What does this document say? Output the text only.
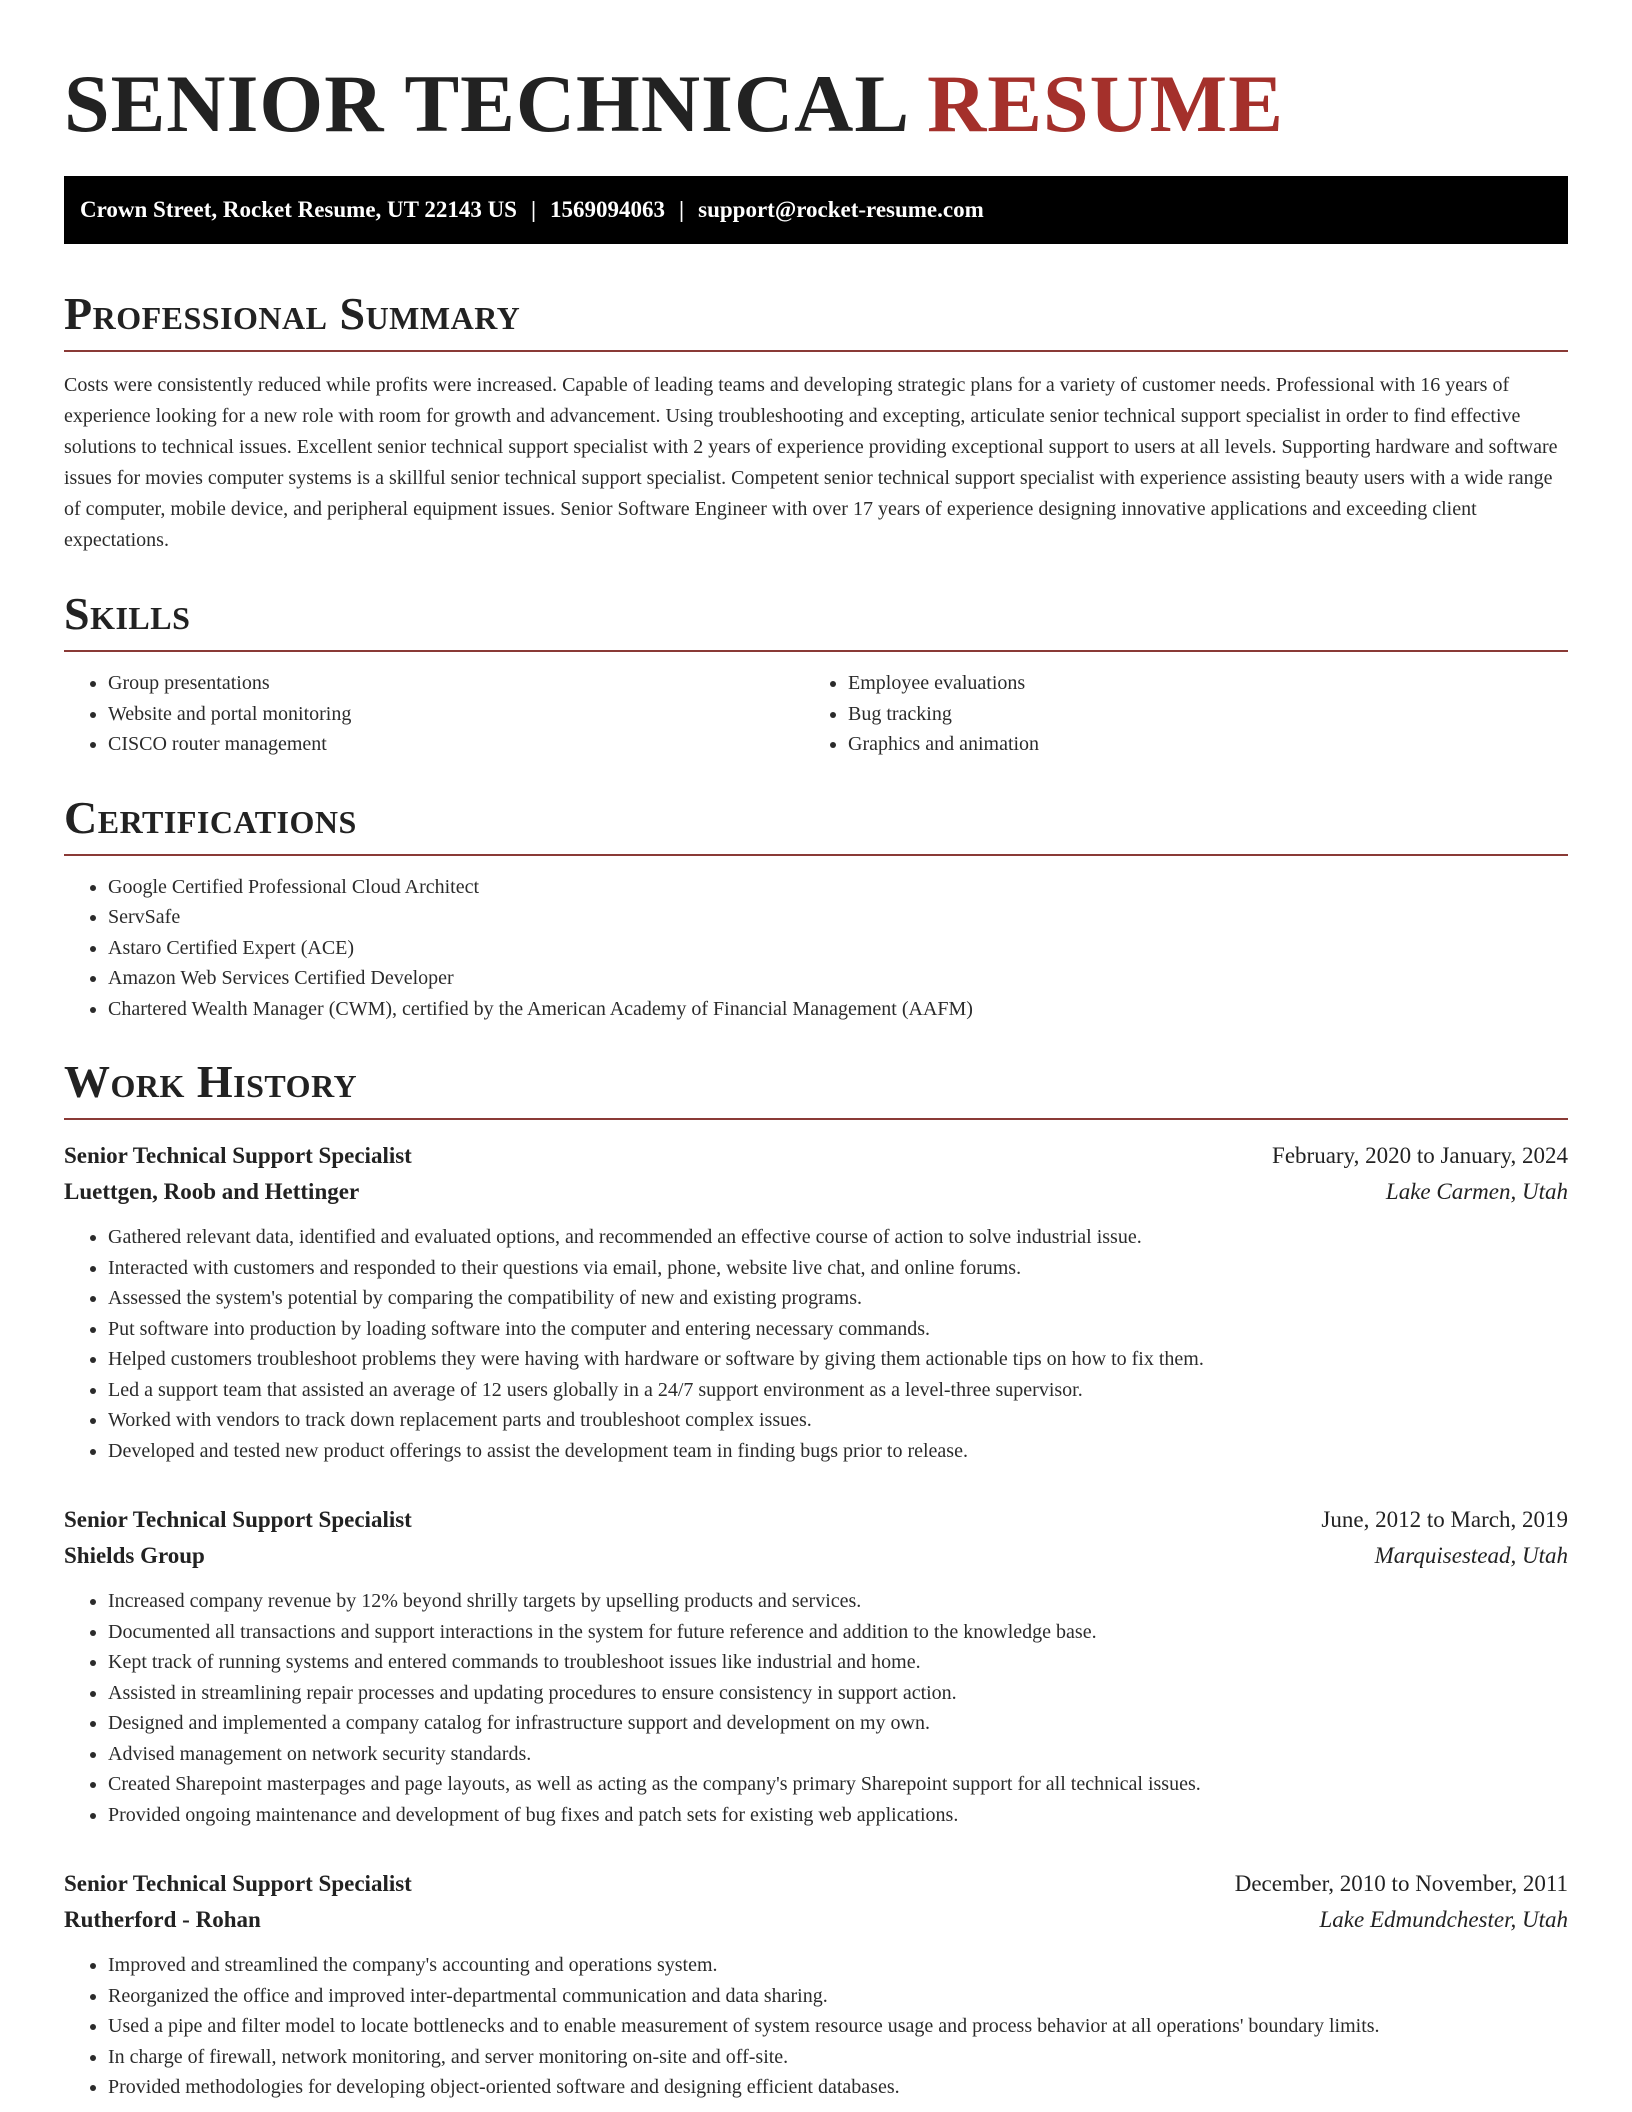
SENIOR TECHNICAL RESUME
Crown Street, Rocket Resume, UT 22143 US | 1569094063 | support@rocket-resume.com
Professional Summary

Costs were consistently reduced while profits were increased. Capable of leading teams and developing strategic plans for a variety of customer needs. Professional with 16 years of experience looking for a new role with room for growth and advancement. Using troubleshooting and excepting, articulate senior technical support specialist in order to find effective solutions to technical issues. Excellent senior technical support specialist with 2 years of experience providing exceptional support to users at all levels. Supporting hardware and software issues for movies computer systems is a skillful senior technical support specialist. Competent senior technical support specialist with experience assisting beauty users with a wide range of computer, mobile device, and peripheral equipment issues. Senior Software Engineer with over 17 years of experience designing innovative applications and exceeding client expectations.

Skills
• Group presentations
• Website and portal monitoring
• CISCO router management
• Employee evaluations
• Bug tracking
• Graphics and animation
Certifications
• Google Certified Professional Cloud Architect
• ServSafe
• Astaro Certified Expert (ACE)
• Amazon Web Services Certified Developer
• Chartered Wealth Manager (CWM), certified by the American Academy of Financial Management (AAFM)
Work History
Senior Technical Support Specialist	February, 2020 to January, 2024
Luettgen, Roob and Hettinger	Lake Carmen, Utah
• Gathered relevant data, identified and evaluated options, and recommended an effective course of action to solve industrial issue.
• Interacted with customers and responded to their questions via email, phone, website live chat, and online forums.
• Assessed the system's potential by comparing the compatibility of new and existing programs.
• Put software into production by loading software into the computer and entering necessary commands.
• Helped customers troubleshoot problems they were having with hardware or software by giving them actionable tips on how to fix them.
• Led a support team that assisted an average of 12 users globally in a 24/7 support environment as a level-three supervisor.
• Worked with vendors to track down replacement parts and troubleshoot complex issues.
• Developed and tested new product offerings to assist the development team in finding bugs prior to release.
Senior Technical Support Specialist	June, 2012 to March, 2019
Shields Group	Marquisestead, Utah
• Increased company revenue by 12% beyond shrilly targets by upselling products and services.
• Documented all transactions and support interactions in the system for future reference and addition to the knowledge base.
• Kept track of running systems and entered commands to troubleshoot issues like industrial and home.
• Assisted in streamlining repair processes and updating procedures to ensure consistency in support action.
• Designed and implemented a company catalog for infrastructure support and development on my own.
• Advised management on network security standards.
• Created Sharepoint masterpages and page layouts, as well as acting as the company's primary Sharepoint support for all technical issues.
• Provided ongoing maintenance and development of bug fixes and patch sets for existing web applications.
Senior Technical Support Specialist	December, 2010 to November, 2011
Rutherford - Rohan	Lake Edmundchester, Utah
• Improved and streamlined the company's accounting and operations system.
• Reorganized the office and improved inter-departmental communication and data sharing.
• Used a pipe and filter model to locate bottlenecks and to enable measurement of system resource usage and process behavior at all operations' boundary limits.
• In charge of firewall, network monitoring, and server monitoring on-site and off-site.
• Provided methodologies for developing object-oriented software and designing efficient databases.
